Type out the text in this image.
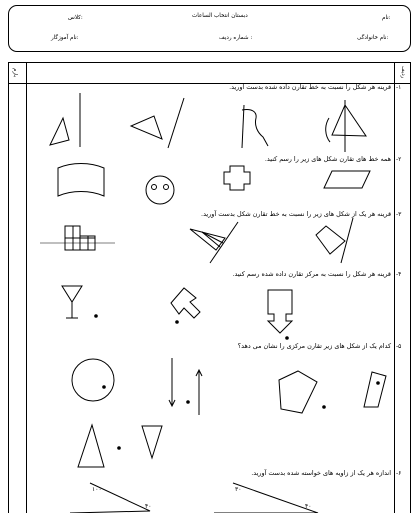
نام:
دبستان انتخاب الساعات
کلاس:
نام خانوادگی:
شماره ردیف :
نام آموزگار:
بارم	ردیف
-۱
-۲
-۳
-۴
-۵
-۶
قرینه هر شکل را نسبت به خط تقارن داده شده بدست آورید.
همه خط های تقارن شکل های زیر را رسم کنید.
قرینه هر یک از شکل های زیر را نسبت به خط تقارن شکل بدست آورید.
قرینه هر شکل را نسبت به مرکز تقارن داده شده رسم کنید.
کدام یک از شکل های زیر تقارن مرکزی را نشان می دهد؟
اندازه هر یک از زاویه های خواسته شده بدست آورید.
۱۰۰
۴۰
۳۰
۴۰
